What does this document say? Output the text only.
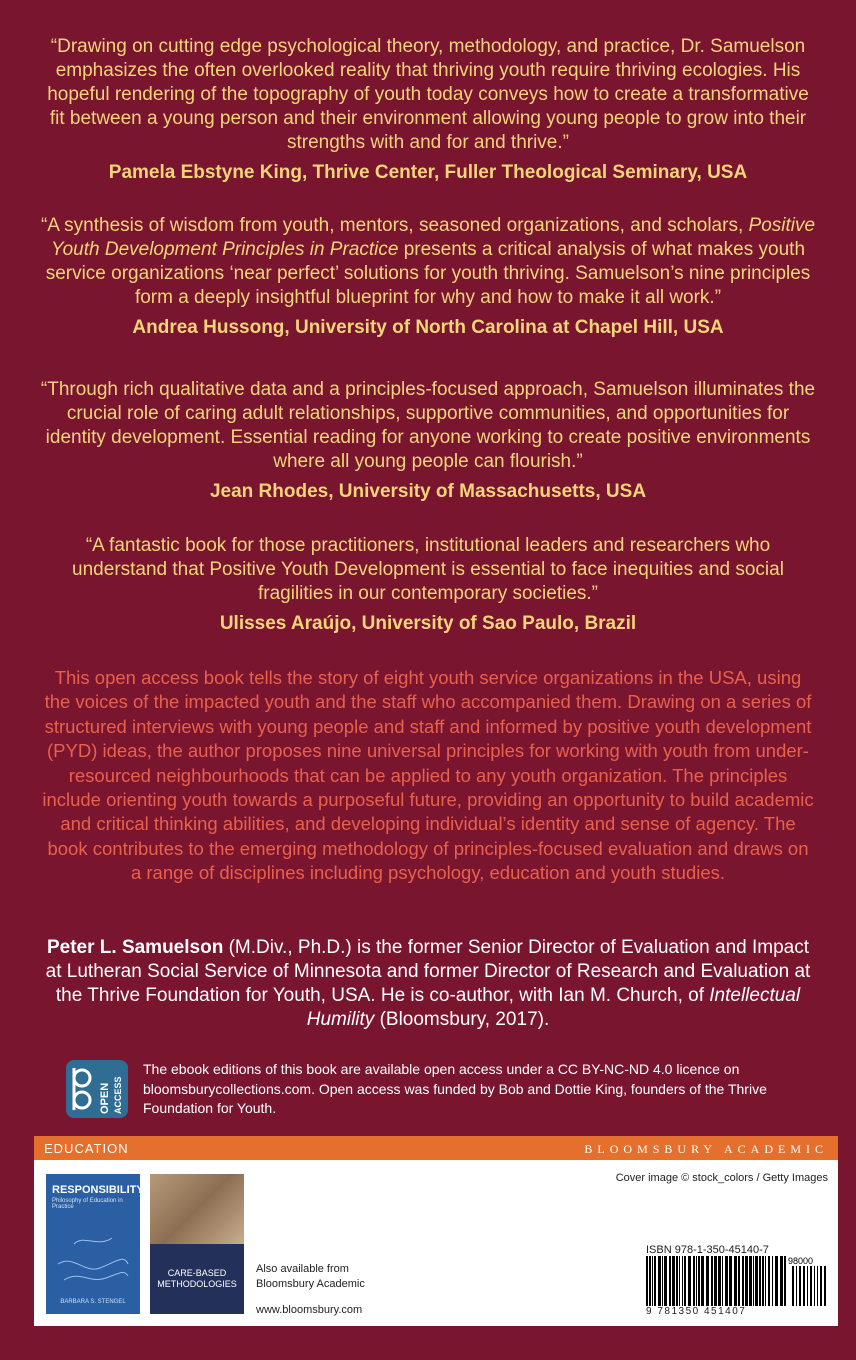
“Drawing on cutting edge psychological theory, methodology, and practice, Dr. Samuelson emphasizes the often overlooked reality that thriving youth require thriving ecologies. His hopeful rendering of the topography of youth today conveys how to create a transformative fit between a young person and their environment allowing young people to grow into their strengths with and for and thrive.”
Pamela Ebstyne King, Thrive Center, Fuller Theological Seminary, USA
“A synthesis of wisdom from youth, mentors, seasoned organizations, and scholars, Positive Youth Development Principles in Practice presents a critical analysis of what makes youth service organizations ‘near perfect’ solutions for youth thriving. Samuelson’s nine principles form a deeply insightful blueprint for why and how to make it all work.”
Andrea Hussong, University of North Carolina at Chapel Hill, USA
“Through rich qualitative data and a principles-focused approach, Samuelson illuminates the crucial role of caring adult relationships, supportive communities, and opportunities for identity development. Essential reading for anyone working to create positive environments where all young people can flourish.”
Jean Rhodes, University of Massachusetts, USA
“A fantastic book for those practitioners, institutional leaders and researchers who understand that Positive Youth Development is essential to face inequities and social fragilities in our contemporary societies.”
Ulisses Araújo, University of Sao Paulo, Brazil
This open access book tells the story of eight youth service organizations in the USA, using the voices of the impacted youth and the staff who accompanied them. Drawing on a series of structured interviews with young people and staff and informed by positive youth development (PYD) ideas, the author proposes nine universal principles for working with youth from under-resourced neighbourhoods that can be applied to any youth organization. The principles include orienting youth towards a purposeful future, providing an opportunity to build academic and critical thinking abilities, and developing individual’s identity and sense of agency. The book contributes to the emerging methodology of principles-focused evaluation and draws on a range of disciplines including psychology, education and youth studies.
Peter L. Samuelson (M.Div., Ph.D.) is the former Senior Director of Evaluation and Impact at Lutheran Social Service of Minnesota and former Director of Research and Evaluation at the Thrive Foundation for Youth, USA. He is co-author, with Ian M. Church, of Intellectual Humility (Bloomsbury, 2017).
OPEN ACCESS
The ebook editions of this book are available open access under a CC BY-NC-ND 4.0 licence on bloomsburycollections.com. Open access was funded by Bob and Dottie King, founders of the Thrive Foundation for Youth.
EDUCATION	BLOOMSBURY ACADEMIC
RESPONSIBILITY
Philosophy of Education in Practice
BARBARA S. STENGEL
CARE-BASED METHODOLOGIES
Also available from
Bloomsbury Academic
www.bloomsbury.com
Cover image © stock_colors / Getty Images
ISBN 978-1-350-45140-7
98000
9 781350 451407
